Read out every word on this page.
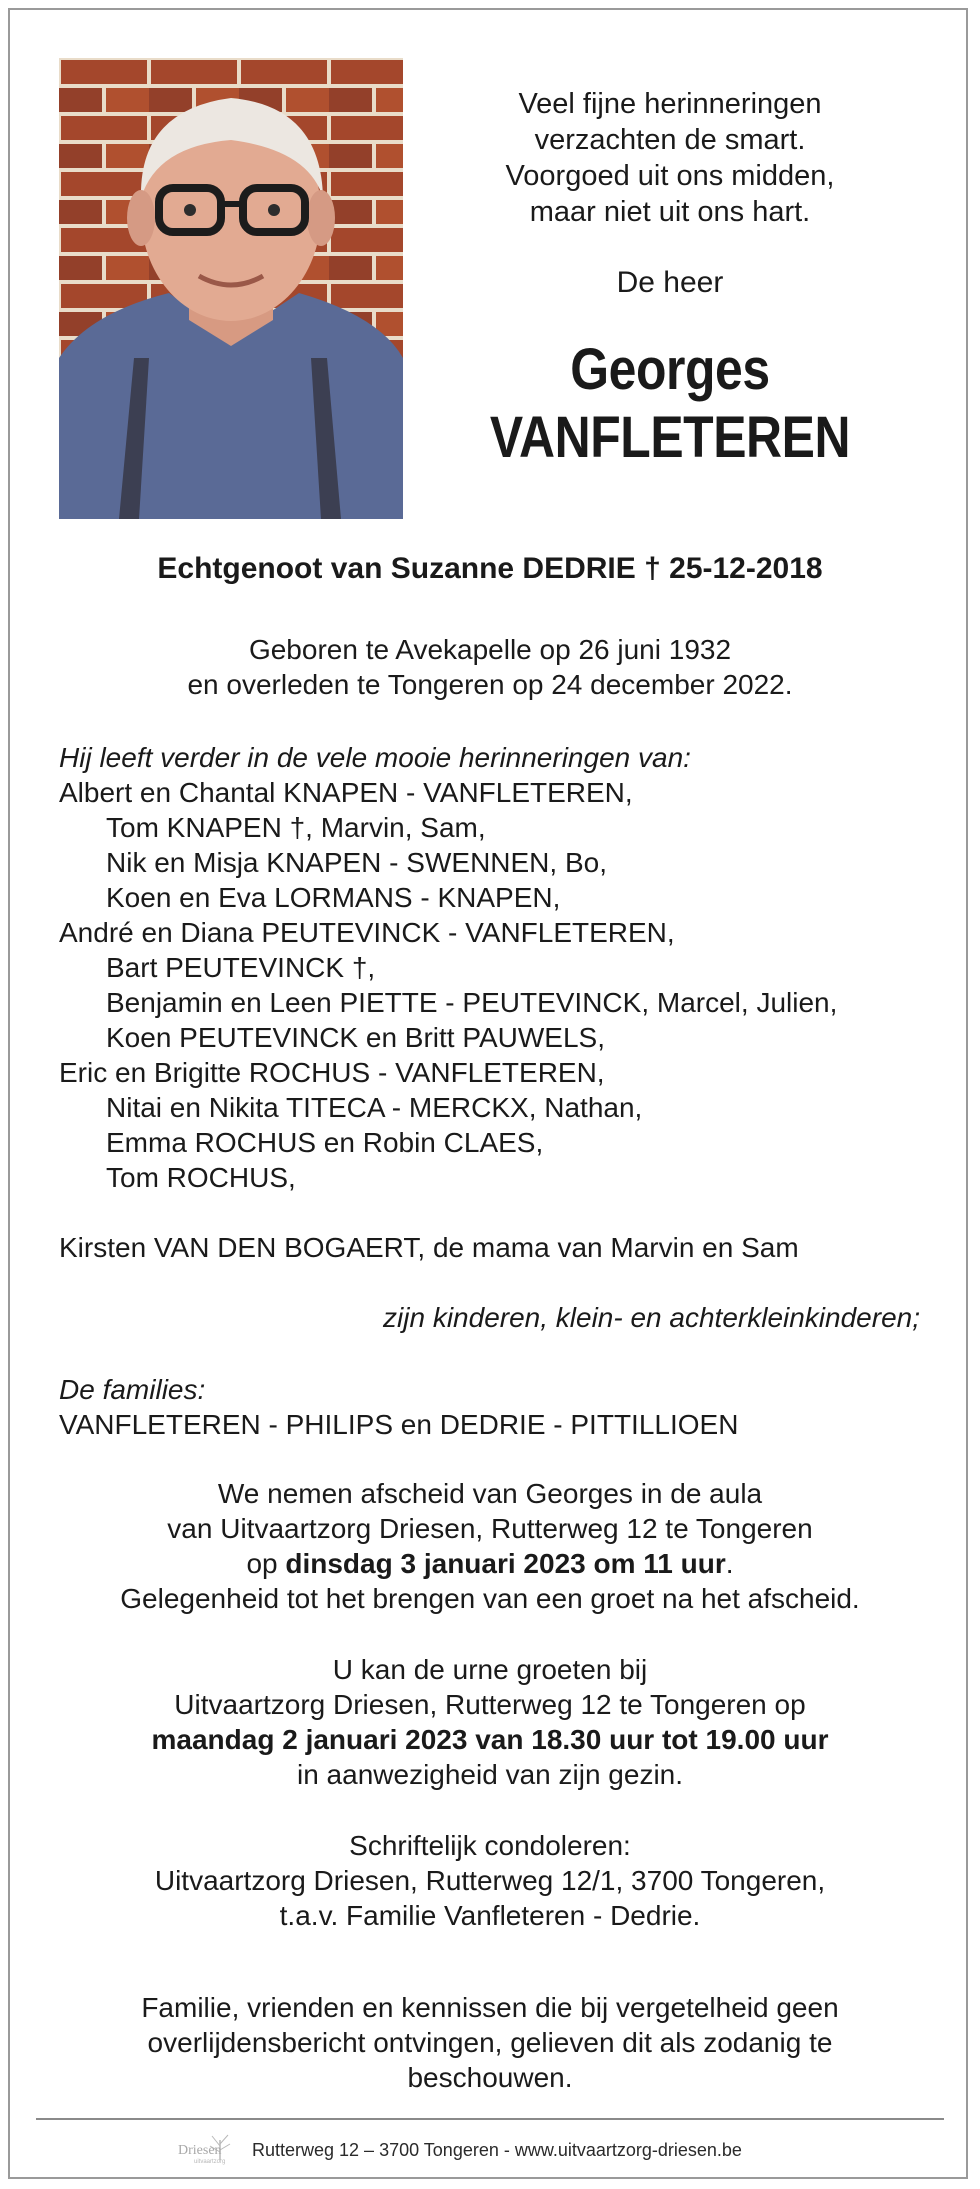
Veel fijne herinneringen
verzachten de smart.
Voorgoed uit ons midden,
maar niet uit ons hart.
De heer
Georges
VANFLETEREN
Echtgenoot van Suzanne DEDRIE † 25-12-2018
Geboren te Avekapelle op 26 juni 1932
en overleden te Tongeren op 24 december 2022.
Hij leeft verder in de vele mooie herinneringen van:
Albert en Chantal KNAPEN - VANFLETEREN,
Tom KNAPEN †, Marvin, Sam,
Nik en Misja KNAPEN - SWENNEN, Bo,
Koen en Eva LORMANS - KNAPEN,
André en Diana PEUTEVINCK - VANFLETEREN,
Bart PEUTEVINCK †,
Benjamin en Leen PIETTE - PEUTEVINCK, Marcel, Julien,
Koen PEUTEVINCK en Britt PAUWELS,
Eric en Brigitte ROCHUS - VANFLETEREN,
Nitai en Nikita TITECA - MERCKX, Nathan,
Emma ROCHUS en Robin CLAES,
Tom ROCHUS,
Kirsten VAN DEN BOGAERT, de mama van Marvin en Sam
zijn kinderen, klein- en achterkleinkinderen;
De families:
VANFLETEREN - PHILIPS en DEDRIE - PITTILLIOEN
We nemen afscheid van Georges in de aula
van Uitvaartzorg Driesen, Rutterweg 12 te Tongeren
op dinsdag 3 januari 2023 om 11 uur.
Gelegenheid tot het brengen van een groet na het afscheid.
U kan de urne groeten bij
Uitvaartzorg Driesen, Rutterweg 12 te Tongeren op
maandag 2 januari 2023 van 18.30 uur tot 19.00 uur
in aanwezigheid van zijn gezin.
Schriftelijk condoleren:
Uitvaartzorg Driesen, Rutterweg 12/1, 3700 Tongeren,
t.a.v. Familie Vanfleteren - Dedrie.
Familie, vrienden en kennissen die bij vergetelheid geen
overlijdensbericht ontvingen, gelieven dit als zodanig te
beschouwen.
Driesen
uitvaartzorg
Rutterweg 12 – 3700 Tongeren - www.uitvaartzorg-driesen.be
